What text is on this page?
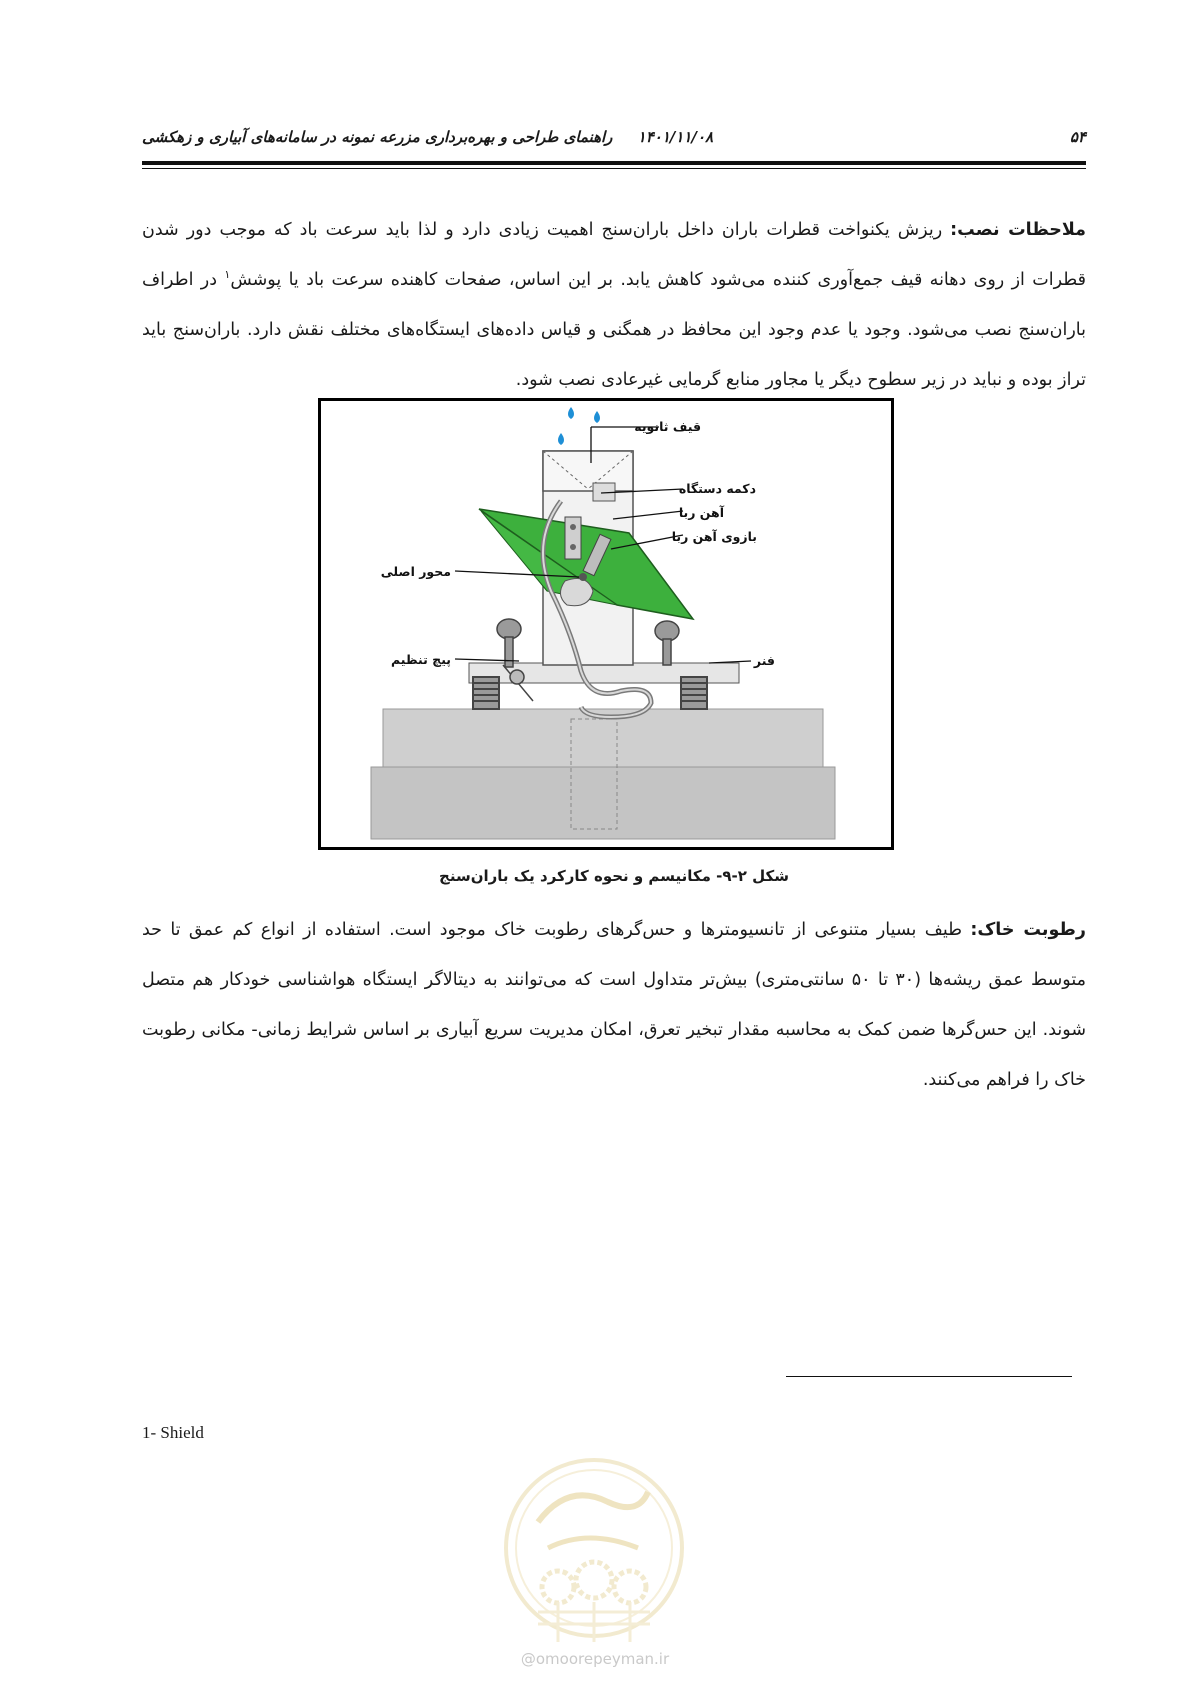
۵۴
۱۴۰۱/۱۱/۰۸ راهنمای طراحی و بهره‌برداری مزرعه نمونه در سامانه‌های آبیاری و زهکشی
ملاحظات نصب: ریزش یکنواخت قطرات باران داخل باران‌سنج اهمیت زیادی دارد و لذا باید سرعت باد که موجب دور شدن قطرات از روی دهانه قیف جمع‌آوری کننده می‌شود کاهش یابد. بر این اساس، صفحات کاهنده سرعت باد یا پوشش$^۱$ در اطراف باران‌سنج نصب می‌شود. وجود یا عدم وجود این محافظ در همگنی و قیاس داده‌های ایستگاه‌های مختلف نقش دارد. باران‌سنج باید تراز بوده و نباید در زیر سطوح دیگر یا مجاور منابع گرمایی غیرعادی نصب شود.
قیف ثانویه
دکمه دستگاه
آهن ربا
بازوی آهن ربا
محور اصلی
پیچ تنظیم	فنر
شکل ۲-۹- مکانیسم و نحوه کارکرد یک باران‌سنج
رطوبت خاک: طیف بسیار متنوعی از تانسیومترها و حس‌گرهای رطوبت خاک موجود است. استفاده از انواع کم عمق تا حد متوسط عمق ریشه‌ها (۳۰ تا ۵۰ سانتی‌متری) بیش‌تر متداول است که می‌توانند به دیتالاگر ایستگاه هواشناسی خودکار هم متصل شوند. این حس‌گرها ضمن کمک به محاسبه مقدار تبخیر تعرق، امکان مدیریت سریع آبیاری بر اساس شرایط زمانی- مکانی رطوبت خاک را فراهم می‌کنند.
1- Shield
@omoorepeyman.ir
